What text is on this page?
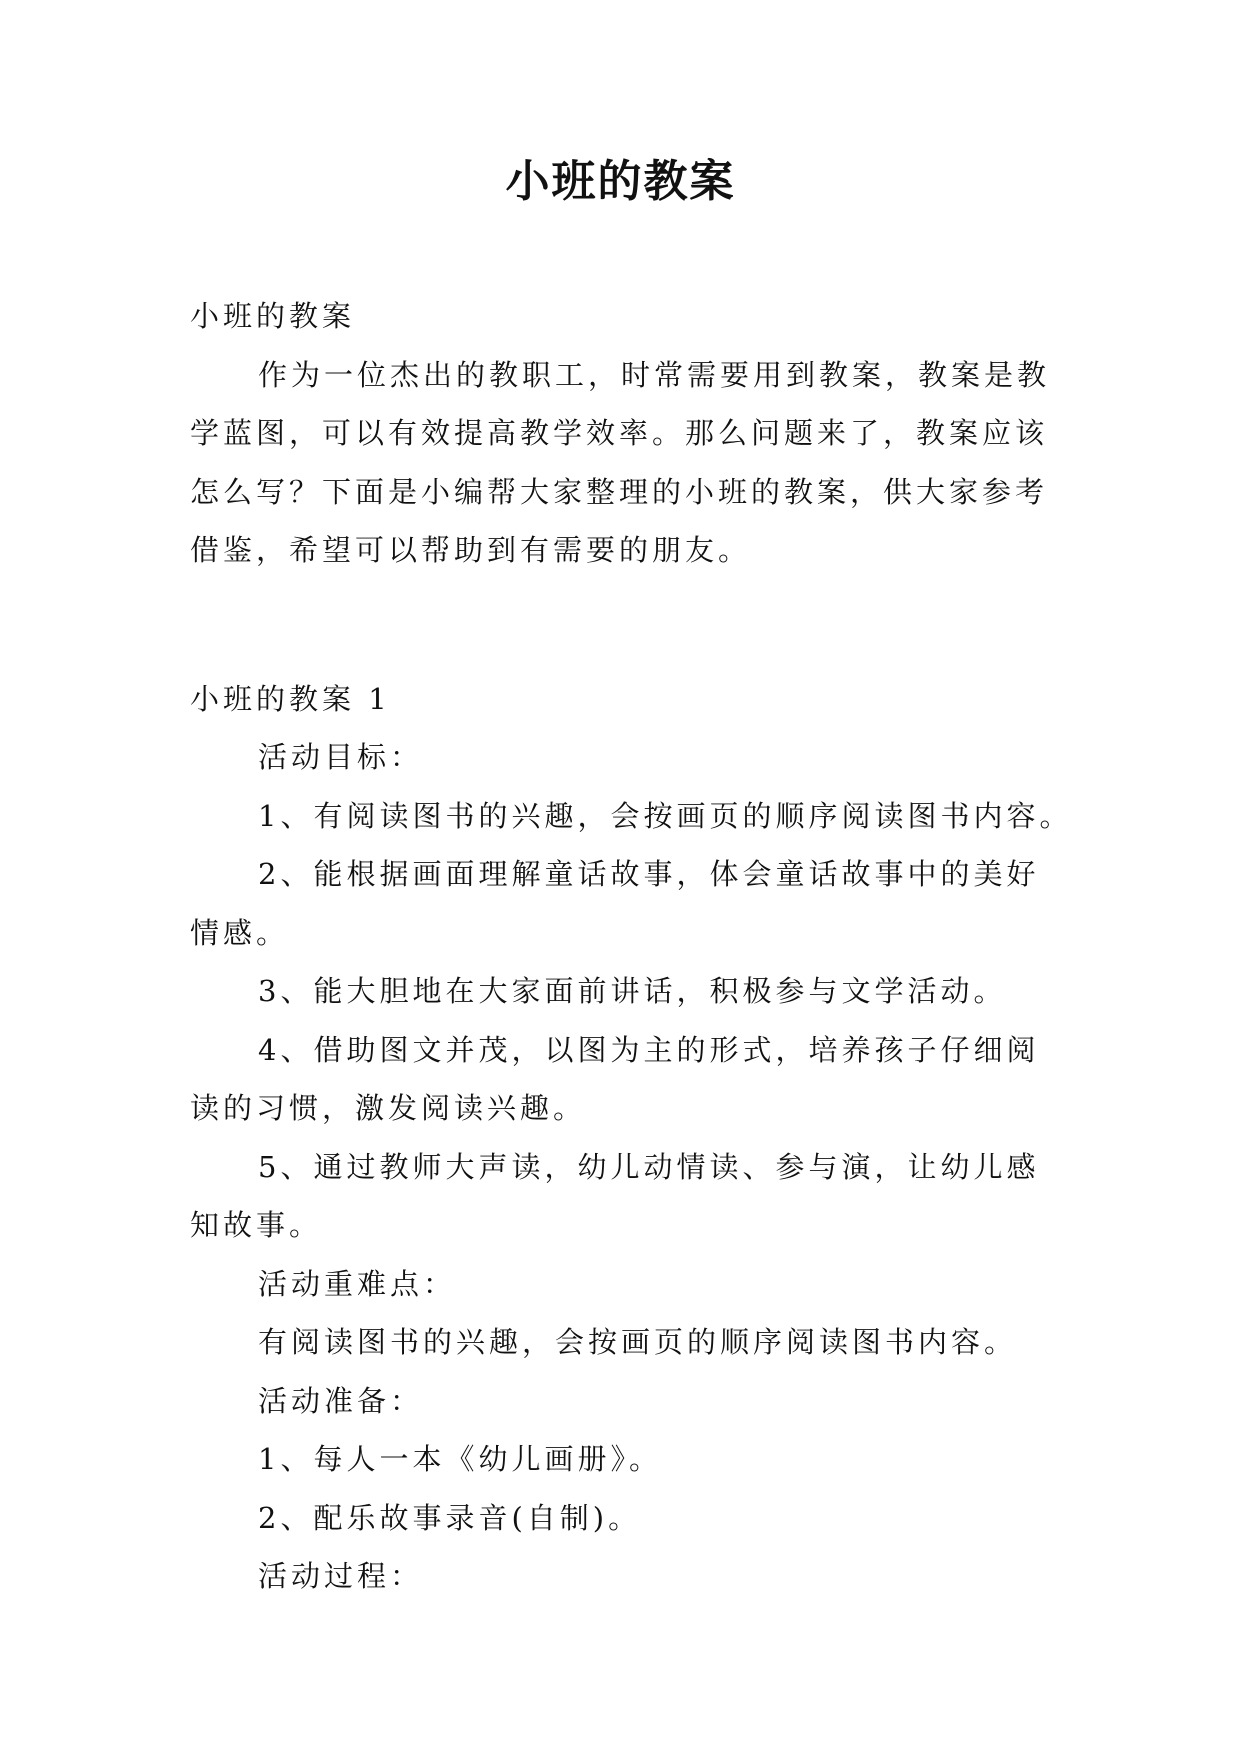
小班的教案

小班的教案

作为一位杰出的教职工，时常需要用到教案，教案是教

学蓝图，可以有效提高教学效率。那么问题来了，教案应该

怎么写？下面是小编帮大家整理的小班的教案，供大家参考

借鉴，希望可以帮助到有需要的朋友。

小班的教案 1

活动目标：

1、有阅读图书的兴趣，会按画页的顺序阅读图书内容。

2、能根据画面理解童话故事，体会童话故事中的美好

情感。

3、能大胆地在大家面前讲话，积极参与文学活动。

4、借助图文并茂，以图为主的形式，培养孩子仔细阅

读的习惯，激发阅读兴趣。

5、通过教师大声读，幼儿动情读、参与演，让幼儿感

知故事。

活动重难点：

有阅读图书的兴趣，会按画页的顺序阅读图书内容。

活动准备：

1、每人一本《幼儿画册》。

2、配乐故事录音(自制)。

活动过程：
